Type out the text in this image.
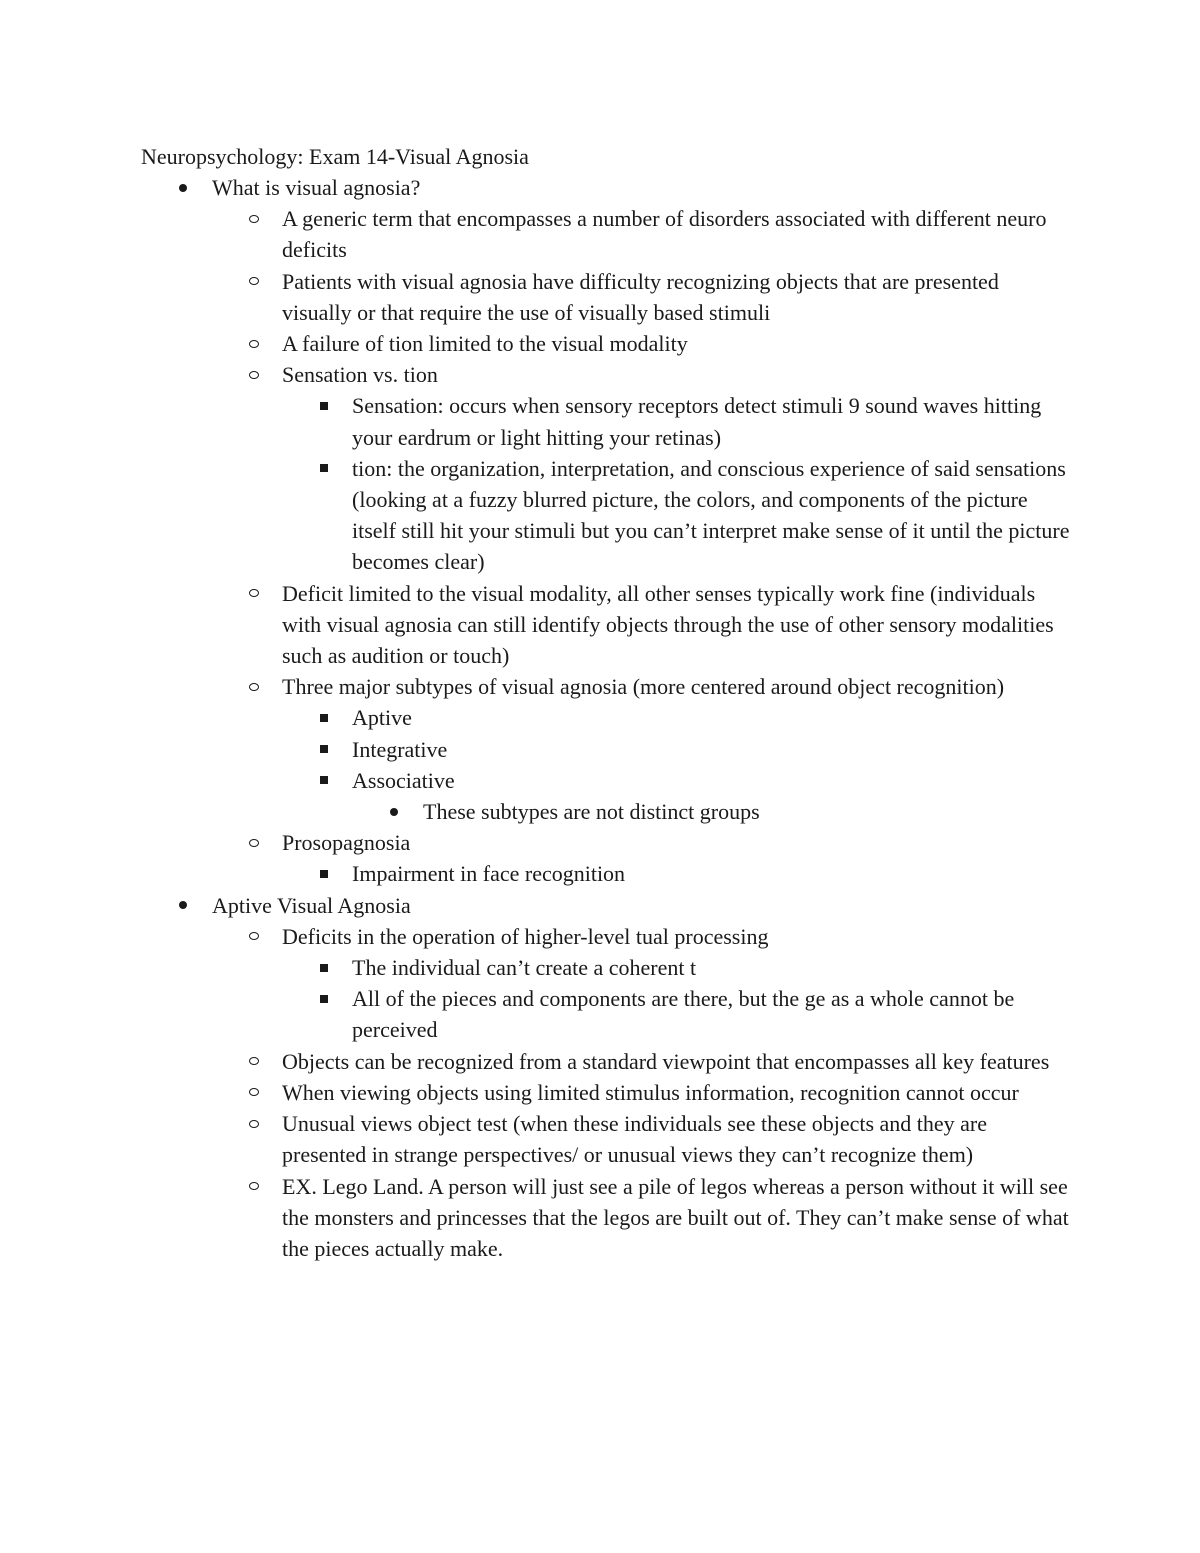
Neuropsychology: Exam 14-Visual Agnosia
What is visual agnosia?
A generic term that encompasses a number of disorders associated with different neuro deficits
Patients with visual agnosia have difficulty recognizing objects that are presented visually or that require the use of visually based stimuli
A failure of tion limited to the visual modality
Sensation vs. tion
Sensation: occurs when sensory receptors detect stimuli 9 sound waves hitting your eardrum or light hitting your retinas)
tion: the organization, interpretation, and conscious experience of said sensations (looking at a fuzzy blurred picture, the colors, and components of the picture itself still hit your stimuli but you can’t interpret make sense of it until the picture becomes clear)
Deficit limited to the visual modality, all other senses typically work fine (individuals with visual agnosia can still identify objects through the use of other sensory modalities such as audition or touch)
Three major subtypes of visual agnosia (more centered around object recognition)
Aptive
Integrative
Associative
These subtypes are not distinct groups
Prosopagnosia
Impairment in face recognition
Aptive Visual Agnosia
Deficits in the operation of higher-level tual processing
The individual can’t create a coherent t
All of the pieces and components are there, but the ge as a whole cannot be perceived
Objects can be recognized from a standard viewpoint that encompasses all key features
When viewing objects using limited stimulus information, recognition cannot occur
Unusual views object test (when these individuals see these objects and they are presented in strange perspectives/ or unusual views they can’t recognize them)
EX. Lego Land. A person will just see a pile of legos whereas a person without it will see the monsters and princesses that the legos are built out of. They can’t make sense of what the pieces actually make.
